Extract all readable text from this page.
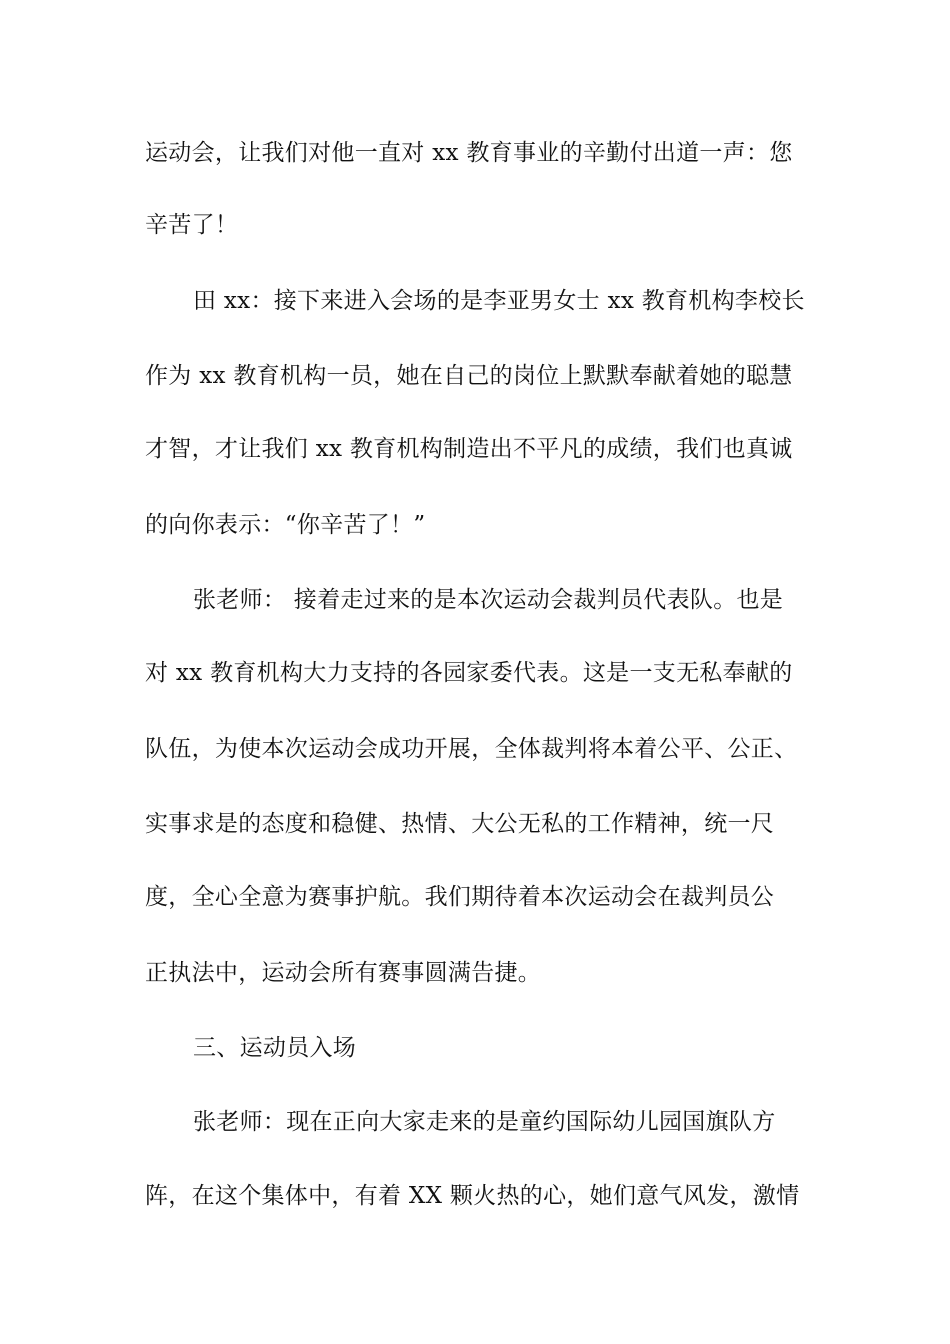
运动会，让我们对他一直对 xx 教育事业的辛勤付出道一声：您
辛苦了！
田 xx：接下来进入会场的是李亚男女士 xx 教育机构李校长
作为 xx 教育机构一员，她在自己的岗位上默默奉献着她的聪慧
才智，才让我们 xx 教育机构制造出不平凡的成绩，我们也真诚
的向你表示：“你辛苦了！”
张老师： 接着走过来的是本次运动会裁判员代表队。也是
对 xx 教育机构大力支持的各园家委代表。这是一支无私奉献的
队伍，为使本次运动会成功开展，全体裁判将本着公平、公正、
实事求是的态度和稳健、热情、大公无私的工作精神，统一尺
度，全心全意为赛事护航。我们期待着本次运动会在裁判员公
正执法中，运动会所有赛事圆满告捷。
三、运动员入场
张老师：现在正向大家走来的是童约国际幼儿园国旗队方
阵，在这个集体中，有着 XX 颗火热的心，她们意气风发，激情
